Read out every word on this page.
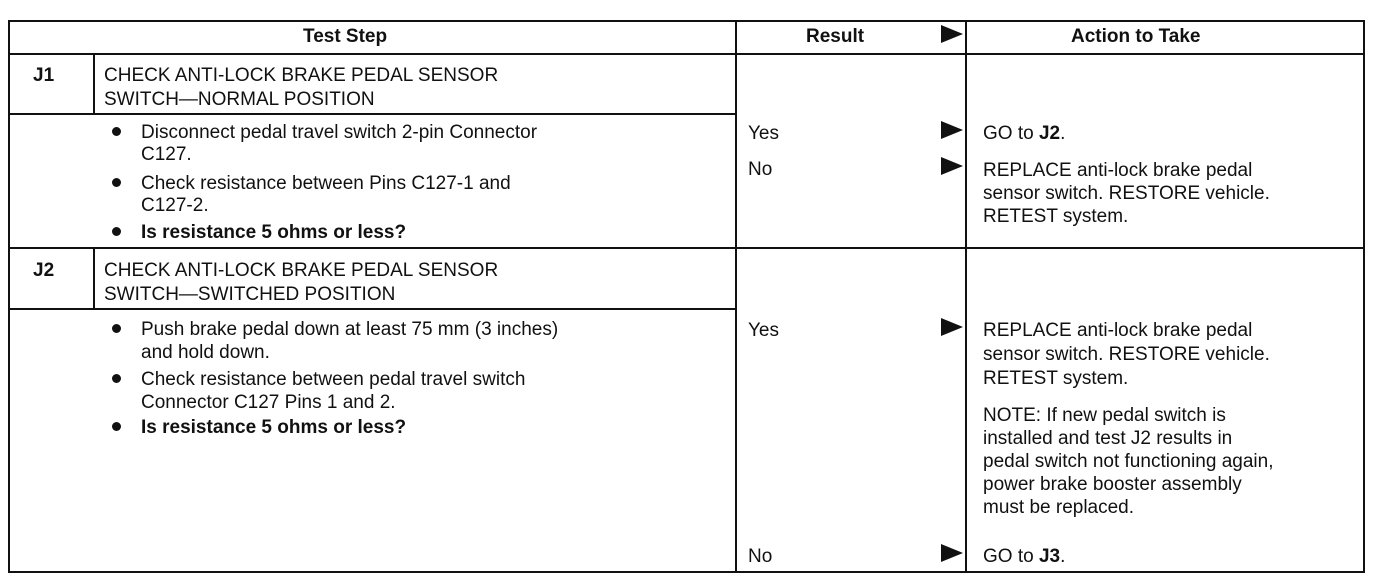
Test Step	Result	Action to Take
J1	CHECK ANTI-LOCK BRAKE PEDAL SENSOR
SWITCH—NORMAL POSITION
Disconnect pedal travel switch 2-pin Connector
C127.
Check resistance between Pins C127-1 and
C127-2.
Is resistance 5 ohms or less?
Yes	GO to J2.
No	REPLACE anti-lock brake pedal
sensor switch. RESTORE vehicle.
RETEST system.
J2	CHECK ANTI-LOCK BRAKE PEDAL SENSOR
SWITCH—SWITCHED POSITION
Push brake pedal down at least 75 mm (3 inches)
and hold down.
Check resistance between pedal travel switch
Connector C127 Pins 1 and 2.
Is resistance 5 ohms or less?
Yes	REPLACE anti-lock brake pedal
sensor switch. RESTORE vehicle.
RETEST system.
NOTE: If new pedal switch is
installed and test J2 results in
pedal switch not functioning again,
power brake booster assembly
must be replaced.
No	GO to J3.
